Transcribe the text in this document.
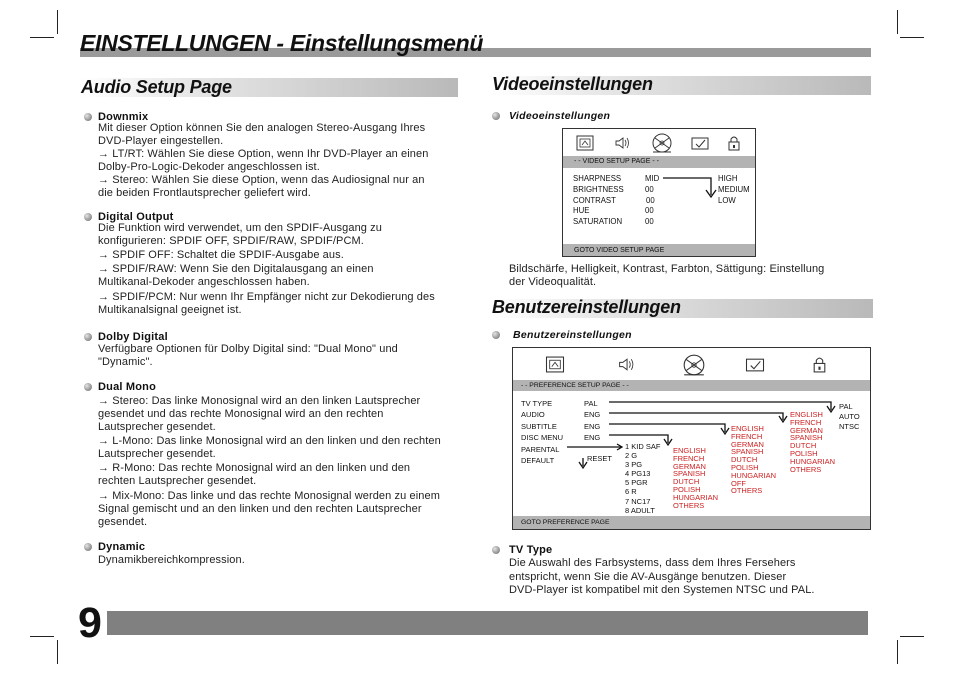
EINSTELLUNGEN - Einstellungsmenü
Audio Setup Page
Downmix
Mit dieser Option können Sie den analogen Stereo-Ausgang Ihres
DVD-Player eingestellen.
→ LT/RT: Wählen Sie diese Option, wenn Ihr DVD-Player an einen
Dolby-Pro-Logic-Dekoder angeschlossen ist.
→ Stereo: Wählen Sie diese Option, wenn das Audiosignal nur an
die beiden Frontlautsprecher geliefert wird.
Digital Output
Die Funktion wird verwendet, um den SPDIF-Ausgang zu
konfigurieren: SPDIF OFF, SPDIF/RAW, SPDIF/PCM.
→ SPDIF OFF: Schaltet die SPDIF-Ausgabe aus.
→ SPDIF/RAW: Wenn Sie den Digitalausgang an einen
Multikanal-Dekoder angeschlossen haben.
→ SPDIF/PCM: Nur wenn Ihr Empfänger nicht zur Dekodierung des
Multikanalsignal geeignet ist.
Dolby Digital
Verfügbare Optionen für Dolby Digital sind: "Dual Mono" und
"Dynamic".
Dual Mono
→ Stereo: Das linke Monosignal wird an den linken Lautsprecher
gesendet und das rechte Monosignal wird an den rechten
Lautsprecher gesendet.
→ L-Mono: Das linke Monosignal wird an den linken und den rechten
Lautsprecher gesendet.
→ R-Mono: Das rechte Monosignal wird an den linken und den
rechten Lautsprecher gesendet.
→ Mix-Mono: Das linke und das rechte Monosignal werden zu einem
Signal gemischt und an den linken und den rechten Lautsprecher
gesendet.
Dynamic
Dynamikbereichkompression.
Videoeinstellungen
Videoeinstellungen
- - VIDEO SETUP PAGE - -
SHARPNESS
BRIGHTNESS
CONTRAST
HUE
SATURATION
MID
00
00
00
00
HIGH
MEDIUM
LOW
GOTO VIDEO SETUP PAGE
Bildschärfe, Helligkeit, Kontrast, Farbton, Sättigung: Einstellung
der Videoqualität.
Benutzereinstellungen
Benutzereinstellungen
- - PREFERENCE SETUP PAGE - -
TV TYPE
AUDIO
SUBTITLE
DISC MENU
PARENTAL
DEFAULT
PAL
ENG
ENG
ENG

RESET
1 KID SAF
2 G
3 PG
4 PG13
5 PGR
6 R
7 NC17
8 ADULT
ENGLISH
FRENCH
GERMAN
SPANISH
DUTCH
POLISH
HUNGARIAN
OTHERS
ENGLISH
FRENCH
GERMAN
SPANISH
DUTCH
POLISH
HUNGARIAN
OFF
OTHERS
ENGLISH
FRENCH
GERMAN
SPANISH
DUTCH
POLISH
HUNGARIAN
OTHERS
PAL
AUTO
NTSC
GOTO PREFERENCE PAGE
TV Type
Die Auswahl des Farbsystems, dass dem Ihres Fersehers
entspricht, wenn Sie die AV-Ausgänge benutzen. Dieser
DVD-Player ist kompatibel mit den Systemen NTSC und PAL.
9
